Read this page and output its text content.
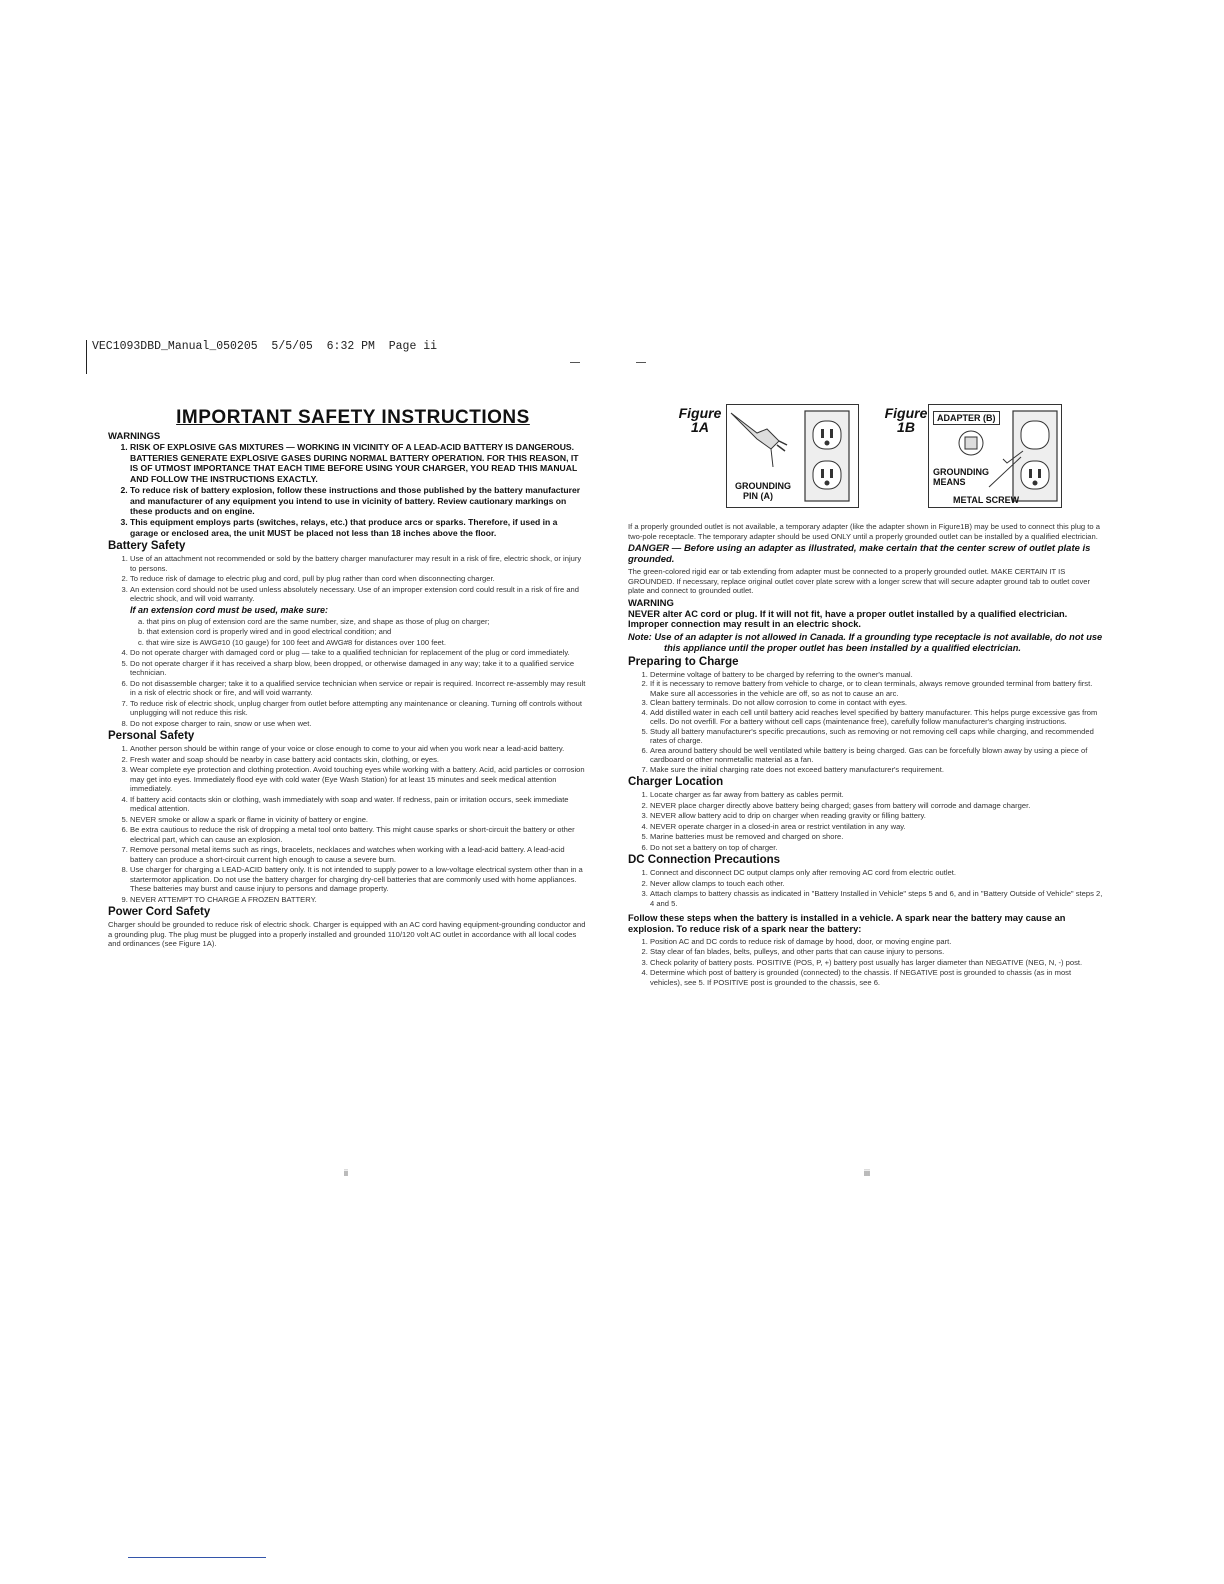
VEC1093DBD_Manual_050205  5/5/05  6:32 PM  Page ii
IMPORTANT SAFETY INSTRUCTIONS
WARNINGS
1. RISK OF EXPLOSIVE GAS MIXTURES — WORKING IN VICINITY OF A LEAD-ACID BATTERY IS DANGEROUS. BATTERIES GENERATE EXPLOSIVE GASES DURING NORMAL BATTERY OPERATION. FOR THIS REASON, IT IS OF UTMOST IMPORTANCE THAT EACH TIME BEFORE USING YOUR CHARGER, YOU READ THIS MANUAL AND FOLLOW THE INSTRUCTIONS EXACTLY.
2. To reduce risk of battery explosion, follow these instructions and those published by the battery manufacturer and manufacturer of any equipment you intend to use in vicinity of battery. Review cautionary markings on these products and on engine.
3. This equipment employs parts (switches, relays, etc.) that produce arcs or sparks. Therefore, if used in a garage or enclosed area, the unit MUST be placed not less than 18 inches above the floor.
Battery Safety
1. Use of an attachment not recommended or sold by the battery charger manufacturer may result in a risk of fire, electric shock, or injury to persons.
2. To reduce risk of damage to electric plug and cord, pull by plug rather than cord when disconnecting charger.
3. An extension cord should not be used unless absolutely necessary. Use of an improper extension cord could result in a risk of fire and electric shock, and will void warranty.
If an extension cord must be used, make sure:
a. that pins on plug of extension cord are the same number, size, and shape as those of plug on charger;
b. that extension cord is properly wired and in good electrical condition; and
c. that wire size is AWG#10 (10 gauge) for 100 feet and AWG#8 for distances over 100 feet.
4. Do not operate charger with damaged cord or plug — take to a qualified technician for replacement of the plug or cord immediately.
5. Do not operate charger if it has received a sharp blow, been dropped, or otherwise damaged in any way; take it to a qualified service technician.
6. Do not disassemble charger; take it to a qualified service technician when service or repair is required. Incorrect re-assembly may result in a risk of electric shock or fire, and will void warranty.
7. To reduce risk of electric shock, unplug charger from outlet before attempting any maintenance or cleaning. Turning off controls without unplugging will not reduce this risk.
8. Do not expose charger to rain, snow or use when wet.
Personal Safety
1. Another person should be within range of your voice or close enough to come to your aid when you work near a lead-acid battery.
2. Fresh water and soap should be nearby in case battery acid contacts skin, clothing, or eyes.
3. Wear complete eye protection and clothing protection. Avoid touching eyes while working with a battery. Acid, acid particles or corrosion may get into eyes. Immediately flood eye with cold water (Eye Wash Station) for at least 15 minutes and seek medical attention immediately.
4. If battery acid contacts skin or clothing, wash immediately with soap and water. If redness, pain or irritation occurs, seek immediate medical attention.
5. NEVER smoke or allow a spark or flame in vicinity of battery or engine.
6. Be extra cautious to reduce the risk of dropping a metal tool onto battery. This might cause sparks or short-circuit the battery or other electrical part, which can cause an explosion.
7. Remove personal metal items such as rings, bracelets, necklaces and watches when working with a lead-acid battery. A lead-acid battery can produce a short-circuit current high enough to cause a severe burn.
8. Use charger for charging a LEAD-ACID battery only. It is not intended to supply power to a low-voltage electrical system other than in a startermotor application. Do not use the battery charger for charging dry-cell batteries that are commonly used with home appliances. These batteries may burst and cause injury to persons and damage property.
9. NEVER ATTEMPT TO CHARGE A FROZEN BATTERY.
Power Cord Safety

Charger should be grounded to reduce risk of electric shock. Charger is equipped with an AC cord having equipment-grounding conductor and a grounding plug. The plug must be plugged into a properly installed and grounded 110/120 volt AC outlet in accordance with all local codes and ordinances (see Figure 1A).

ii
Figure
1A
GROUNDING
PIN (A)
Figure
1B
ADAPTER (B)
GROUNDING
MEANS
METAL SCREW

If a properly grounded outlet is not available, a temporary adapter (like the adapter shown in Figure1B) may be used to connect this plug to a two-pole receptacle. The temporary adapter should be used ONLY until a properly grounded outlet can be installed by a qualified electrician.

DANGER — Before using an adapter as illustrated, make certain that the center screw of outlet plate is grounded.

The green-colored rigid ear or tab extending from adapter must be connected to a properly grounded outlet. MAKE CERTAIN IT IS GROUNDED. If necessary, replace original outlet cover plate screw with a longer screw that will secure adapter ground tab to outlet cover plate and connect to grounded outlet.

WARNING
NEVER alter AC cord or plug. If it will not fit, have a proper outlet installed by a qualified electrician. Improper connection may result in an electric shock.
Note: Use of an adapter is not allowed in Canada. If a grounding type receptacle is not available, do not use this appliance until the proper outlet has been installed by a qualified electrician.
Preparing to Charge
1. Determine voltage of battery to be charged by referring to the owner's manual.
2. If it is necessary to remove battery from vehicle to charge, or to clean terminals, always remove grounded terminal from battery first. Make sure all accessories in the vehicle are off, so as not to cause an arc.
3. Clean battery terminals. Do not allow corrosion to come in contact with eyes.
4. Add distilled water in each cell until battery acid reaches level specified by battery manufacturer. This helps purge excessive gas from cells. Do not overfill. For a battery without cell caps (maintenance free), carefully follow manufacturer's charging instructions.
5. Study all battery manufacturer's specific precautions, such as removing or not removing cell caps while charging, and recommended rates of charge.
6. Area around battery should be well ventilated while battery is being charged. Gas can be forcefully blown away by using a piece of cardboard or other nonmetallic material as a fan.
7. Make sure the initial charging rate does not exceed battery manufacturer's requirement.
Charger Location
1. Locate charger as far away from battery as cables permit.
2. NEVER place charger directly above battery being charged; gases from battery will corrode and damage charger.
3. NEVER allow battery acid to drip on charger when reading gravity or filling battery.
4. NEVER operate charger in a closed-in area or restrict ventilation in any way.
5. Marine batteries must be removed and charged on shore.
6. Do not set a battery on top of charger.
DC Connection Precautions
1. Connect and disconnect DC output clamps only after removing AC cord from electric outlet.
2. Never allow clamps to touch each other.
3. Attach clamps to battery chassis as indicated in "Battery Installed in Vehicle" steps 5 and 6, and in "Battery Outside of Vehicle" steps 2, 4 and 5.
Follow these steps when the battery is installed in a vehicle. A spark near the battery may cause an explosion. To reduce risk of a spark near the battery:
1. Position AC and DC cords to reduce risk of damage by hood, door, or moving engine part.
2. Stay clear of fan blades, belts, pulleys, and other parts that can cause injury to persons.
3. Check polarity of battery posts. POSITIVE (POS, P, +) battery post usually has larger diameter than NEGATIVE (NEG, N, -) post.
4. Determine which post of battery is grounded (connected) to the chassis. If NEGATIVE post is grounded to chassis (as in most vehicles), see 5. If POSITIVE post is grounded to the chassis, see 6.
iii
